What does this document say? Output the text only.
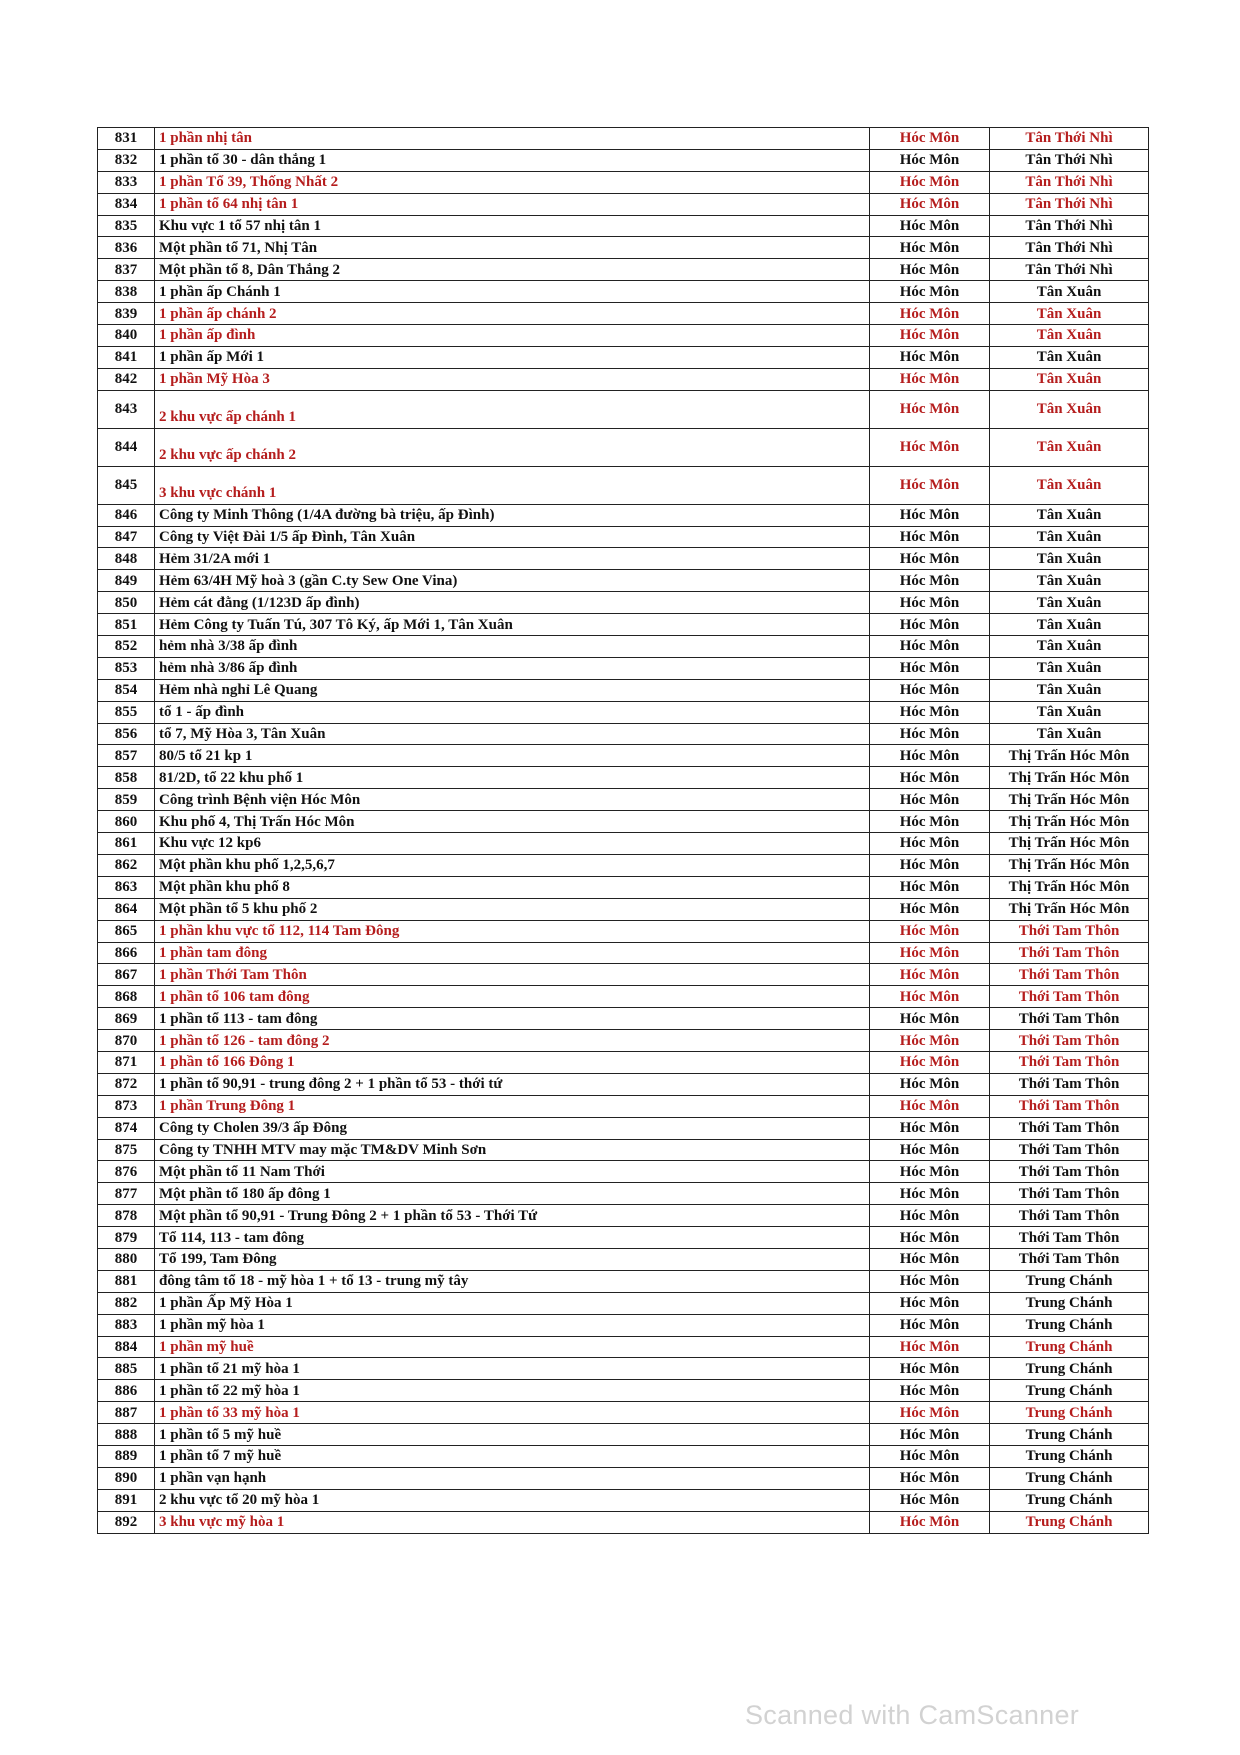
831	1 phần nhị tân	Hóc Môn	Tân Thới Nhì
832	1 phần tổ 30 - dân thắng 1	Hóc Môn	Tân Thới Nhì
833	1 phần Tổ 39, Thống Nhất 2	Hóc Môn	Tân Thới Nhì
834	1 phần tổ 64 nhị tân 1	Hóc Môn	Tân Thới Nhì
835	Khu vực 1 tổ 57 nhị tân 1	Hóc Môn	Tân Thới Nhì
836	Một phần tổ 71, Nhị Tân	Hóc Môn	Tân Thới Nhì
837	Một phần tổ 8, Dân Thắng 2	Hóc Môn	Tân Thới Nhì
838	1 phần ấp Chánh 1	Hóc Môn	Tân Xuân
839	1 phần ấp chánh 2	Hóc Môn	Tân Xuân
840	1 phần ấp đình	Hóc Môn	Tân Xuân
841	1 phần ấp Mới 1	Hóc Môn	Tân Xuân
842	1 phần Mỹ Hòa 3	Hóc Môn	Tân Xuân
843	2 khu vực ấp chánh 1	Hóc Môn	Tân Xuân
844	2 khu vực ấp chánh 2	Hóc Môn	Tân Xuân
845	3 khu vực chánh 1	Hóc Môn	Tân Xuân
846	Công ty Minh Thông (1/4A đường bà triệu, ấp Đình)	Hóc Môn	Tân Xuân
847	Công ty Việt Đài 1/5 ấp Đình, Tân Xuân	Hóc Môn	Tân Xuân
848	Hẻm 31/2A mới 1	Hóc Môn	Tân Xuân
849	Hẻm 63/4H Mỹ hoà 3 (gần C.ty Sew One Vina)	Hóc Môn	Tân Xuân
850	Hẻm cát đằng (1/123D ấp đình)	Hóc Môn	Tân Xuân
851	Hẻm Công ty Tuấn Tú, 307 Tô Ký, ấp Mới 1, Tân Xuân	Hóc Môn	Tân Xuân
852	hẻm nhà 3/38 ấp đình	Hóc Môn	Tân Xuân
853	hẻm nhà 3/86 ấp đình	Hóc Môn	Tân Xuân
854	Hẻm nhà nghỉ Lê Quang	Hóc Môn	Tân Xuân
855	tổ 1 - ấp đình	Hóc Môn	Tân Xuân
856	tổ 7, Mỹ Hòa 3, Tân Xuân	Hóc Môn	Tân Xuân
857	80/5 tổ 21 kp 1	Hóc Môn	Thị Trấn Hóc Môn
858	81/2D, tổ 22 khu phố 1	Hóc Môn	Thị Trấn Hóc Môn
859	Công trình Bệnh viện Hóc Môn	Hóc Môn	Thị Trấn Hóc Môn
860	Khu phố 4, Thị Trấn Hóc Môn	Hóc Môn	Thị Trấn Hóc Môn
861	Khu vực 12 kp6	Hóc Môn	Thị Trấn Hóc Môn
862	Một phần khu phố 1,2,5,6,7	Hóc Môn	Thị Trấn Hóc Môn
863	Một phần khu phố 8	Hóc Môn	Thị Trấn Hóc Môn
864	Một phần tổ 5 khu phố 2	Hóc Môn	Thị Trấn Hóc Môn
865	1 phần khu vực tổ 112, 114 Tam Đông	Hóc Môn	Thới Tam Thôn
866	1 phần tam đông	Hóc Môn	Thới Tam Thôn
867	1 phần Thới Tam Thôn	Hóc Môn	Thới Tam Thôn
868	1 phần tổ 106 tam đông	Hóc Môn	Thới Tam Thôn
869	1 phần tổ 113 - tam đông	Hóc Môn	Thới Tam Thôn
870	1 phần tổ 126 - tam đông 2	Hóc Môn	Thới Tam Thôn
871	1 phần tổ 166 Đông 1	Hóc Môn	Thới Tam Thôn
872	1 phần tổ 90,91 - trung đông 2 + 1 phần tổ 53 - thới tứ	Hóc Môn	Thới Tam Thôn
873	1 phần Trung Đông 1	Hóc Môn	Thới Tam Thôn
874	Công ty Cholen 39/3 ấp Đông	Hóc Môn	Thới Tam Thôn
875	Công ty TNHH MTV may mặc TM&DV Minh Sơn	Hóc Môn	Thới Tam Thôn
876	Một phần tổ 11 Nam Thới	Hóc Môn	Thới Tam Thôn
877	Một phần tổ 180 ấp đông 1	Hóc Môn	Thới Tam Thôn
878	Một phần tổ 90,91 - Trung Đông 2 + 1 phần tổ 53 - Thới Tứ	Hóc Môn	Thới Tam Thôn
879	Tổ 114, 113 - tam đông	Hóc Môn	Thới Tam Thôn
880	Tổ 199, Tam Đông	Hóc Môn	Thới Tam Thôn
881	đông tâm tổ 18 - mỹ hòa 1 + tổ 13 - trung mỹ tây	Hóc Môn	Trung Chánh
882	1 phần Ấp Mỹ Hòa 1	Hóc Môn	Trung Chánh
883	1 phần mỹ hòa 1	Hóc Môn	Trung Chánh
884	1 phần mỹ huề	Hóc Môn	Trung Chánh
885	1 phần tổ 21 mỹ hòa 1	Hóc Môn	Trung Chánh
886	1 phần tổ 22 mỹ hòa 1	Hóc Môn	Trung Chánh
887	1 phần tổ 33 mỹ hòa 1	Hóc Môn	Trung Chánh
888	1 phần tổ 5 mỹ huề	Hóc Môn	Trung Chánh
889	1 phần tổ 7 mỹ huề	Hóc Môn	Trung Chánh
890	1 phần vạn hạnh	Hóc Môn	Trung Chánh
891	2 khu vực tổ 20 mỹ hòa 1	Hóc Môn	Trung Chánh
892	3 khu vực mỹ hòa 1	Hóc Môn	Trung Chánh
Scanned with CamScanner
